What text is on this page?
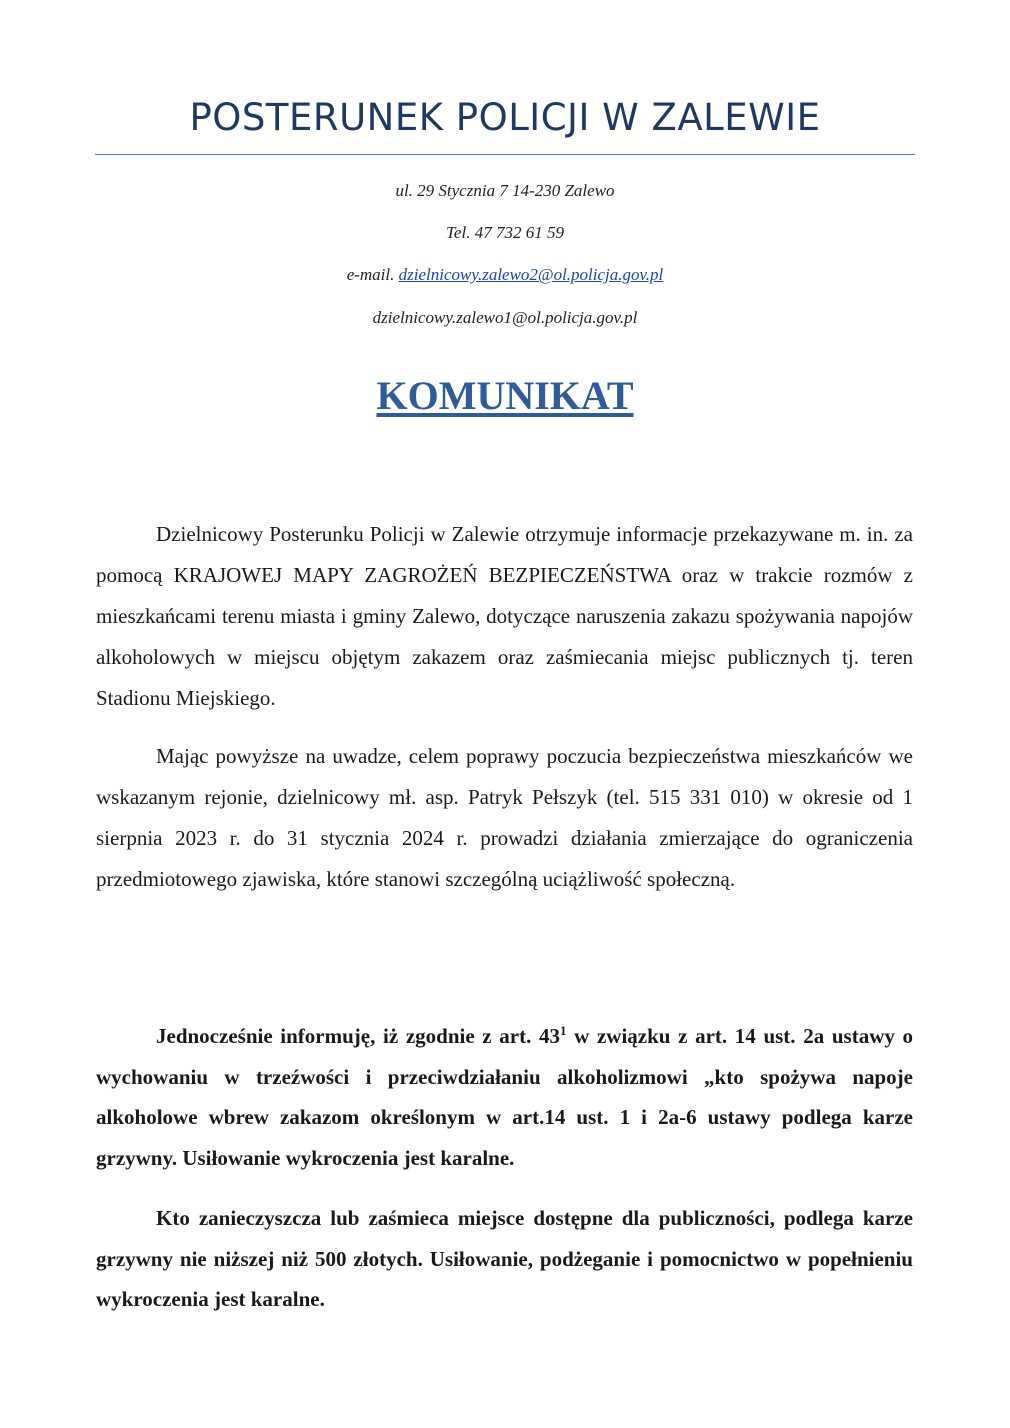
POSTERUNEK POLICJI W ZALEWIE
ul. 29 Stycznia 7 14-230 Zalewo
Tel. 47 732 61 59
e-mail. dzielnicowy.zalewo2@ol.policja.gov.pl
dzielnicowy.zalewo1@ol.policja.gov.pl
KOMUNIKAT

Dzielnicowy Posterunku Policji w Zalewie otrzymuje informacje przekazywane m. in. za pomocą KRAJOWEJ MAPY ZAGROŻEŃ BEZPIECZEŃSTWA oraz w trakcie rozmów z mieszkańcami terenu miasta i gminy Zalewo, dotyczące naruszenia zakazu spożywania napojów alkoholowych w miejscu objętym zakazem oraz zaśmiecania miejsc publicznych tj. teren Stadionu Miejskiego.

Mając powyższe na uwadze, celem poprawy poczucia bezpieczeństwa mieszkańców we wskazanym rejonie, dzielnicowy mł. asp. Patryk Pełszyk (tel. 515 331 010) w okresie od 1 sierpnia 2023 r. do 31 stycznia 2024 r. prowadzi działania zmierzające do ograniczenia przedmiotowego zjawiska, które stanowi szczególną uciążliwość społeczną.

Jednocześnie informuję, iż zgodnie z art. $43^1$ w związku z art. 14 ust. 2a ustawy o wychowaniu w trzeźwości i przeciwdziałaniu alkoholizmowi „kto spożywa napoje alkoholowe wbrew zakazom określonym w art.14 ust. 1 i 2a-6 ustawy podlega karze grzywny. Usiłowanie wykroczenia jest karalne.

Kto zanieczyszcza lub zaśmieca miejsce dostępne dla publiczności, podlega karze grzywny nie niższej niż 500 złotych. Usiłowanie, podżeganie i pomocnictwo w popełnieniu wykroczenia jest karalne.
